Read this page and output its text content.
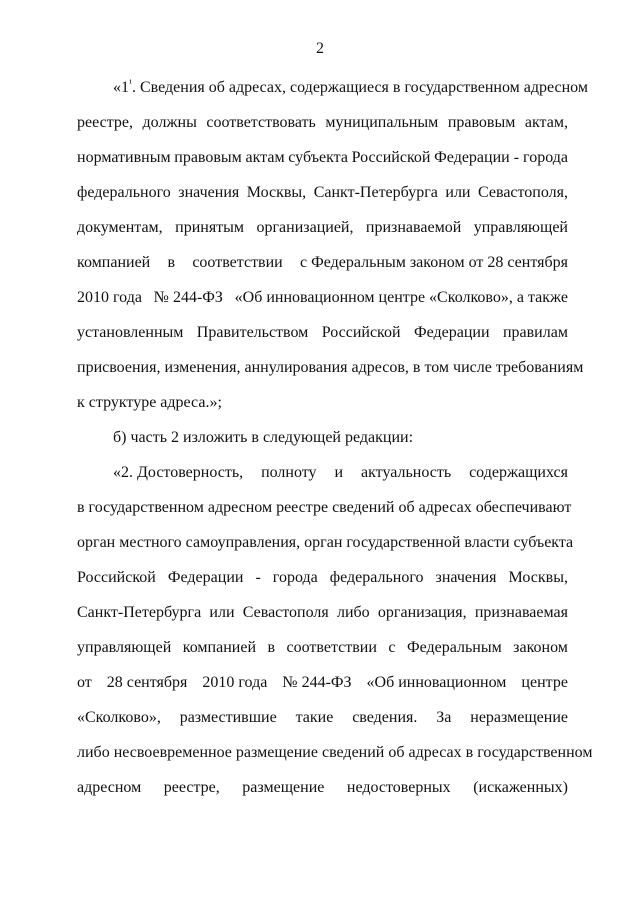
2
«$1^{^1}$. Сведения об адресах, содержащиеся в государственном адресном
реестре, должны соответствовать муниципальным правовым актам,
нормативным правовым актам субъекта Российской Федерации - города
федерального значения Москвы, Санкт-Петербурга или Севастополя,
документам, принятым организацией, признаваемой управляющей
компанией в соответствии с Федеральным законом от 28 сентября
2010 года № 244-ФЗ «Об инновационном центре «Сколково», а также
установленным Правительством Российской Федерации правилам
присвоения, изменения, аннулирования адресов, в том числе требованиям
к структуре адреса.»;
б) часть 2 изложить в следующей редакции:
«2. Достоверность, полноту и актуальность содержащихся
в государственном адресном реестре сведений об адресах обеспечивают
орган местного самоуправления, орган государственной власти субъекта
Российской Федерации - города федерального значения Москвы,
Санкт-Петербурга или Севастополя либо организация, признаваемая
управляющей компанией в соответствии с Федеральным законом
от 28 сентября 2010 года № 244-ФЗ «Об инновационном центре
«Сколково», разместившие такие сведения. За неразмещение
либо несвоевременное размещение сведений об адресах в государственном
адресном реестре, размещение недостоверных (искаженных)
